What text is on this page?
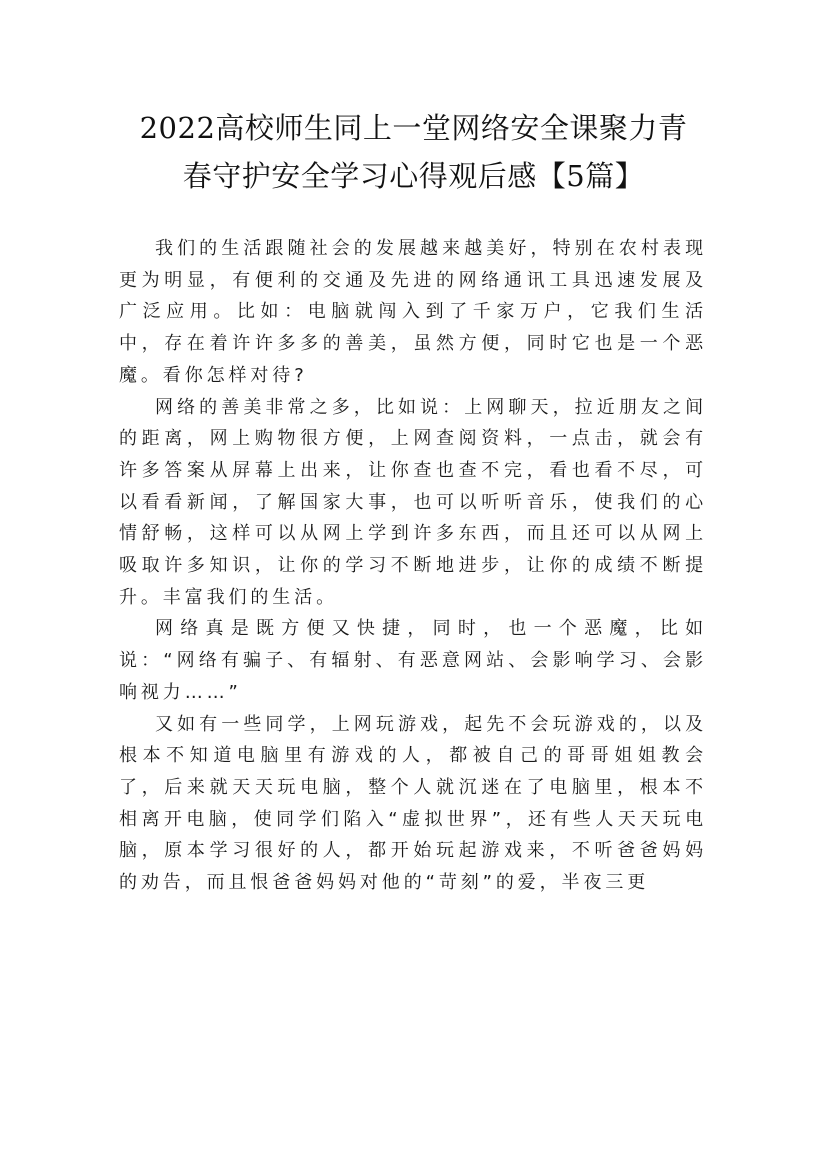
2022高校师生同上一堂网络安全课聚力青
春守护安全学习心得观后感【5篇】

我们的生活跟随社会的发展越来越美好，特别在农村表现更为明显，有便利的交通及先进的网络通讯工具迅速发展及广泛应用。比如：电脑就闯入到了千家万户，它我们生活中，存在着许许多多的善美，虽然方便，同时它也是一个恶魔。看你怎样对待?

网络的善美非常之多，比如说：上网聊天，拉近朋友之间的距离，网上购物很方便，上网查阅资料，一点击，就会有许多答案从屏幕上出来，让你查也查不完，看也看不尽，可以看看新闻，了解国家大事，也可以听听音乐，使我们的心情舒畅，这样可以从网上学到许多东西，而且还可以从网上吸取许多知识，让你的学习不断地进步，让你的成绩不断提升。丰富我们的生活。

网络真是既方便又快捷，同时，也一个恶魔，比如说：“网络有骗子、有辐射、有恶意网站、会影响学习、会影响视力……”

又如有一些同学，上网玩游戏，起先不会玩游戏的，以及根本不知道电脑里有游戏的人，都被自己的哥哥姐姐教会了，后来就天天玩电脑，整个人就沉迷在了电脑里，根本不相离开电脑，使同学们陷入“虚拟世界”，还有些人天天玩电脑，原本学习很好的人，都开始玩起游戏来，不听爸爸妈妈的劝告，而且恨爸爸妈妈对他的“苛刻”的爱，半夜三更
